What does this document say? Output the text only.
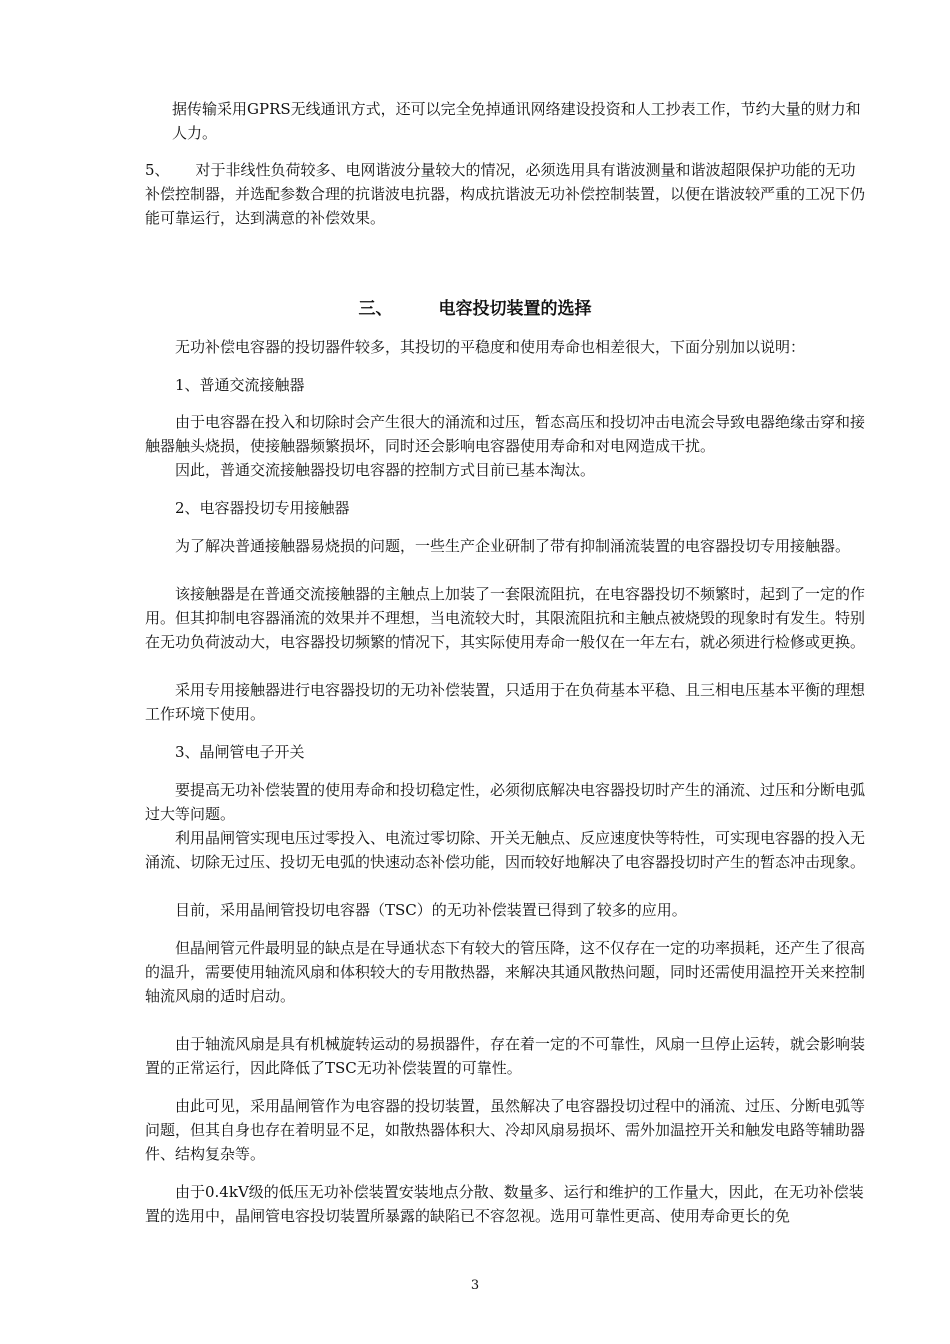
据传输采用GPRS无线通讯方式，还可以完全免掉通讯网络建设投资和人工抄表工作，节约大量的财力和人力。

5、 对于非线性负荷较多、电网谐波分量较大的情况，必须选用具有谐波测量和谐波超限保护功能的无功补偿控制器，并选配参数合理的抗谐波电抗器，构成抗谐波无功补偿控制装置，以便在谐波较严重的工况下仍能可靠运行，达到满意的补偿效果。

三、	电容投切装置的选择

无功补偿电容器的投切器件较多，其投切的平稳度和使用寿命也相差很大，下面分别加以说明：

1、普通交流接触器

由于电容器在投入和切除时会产生很大的涌流和过压，暂态高压和投切冲击电流会导致电器绝缘击穿和接触器触头烧损，使接触器频繁损坏，同时还会影响电容器使用寿命和对电网造成干扰。

因此，普通交流接触器投切电容器的控制方式目前已基本淘汰。

2、电容器投切专用接触器

为了解决普通接触器易烧损的问题，一些生产企业研制了带有抑制涌流装置的电容器投切专用接触器。

该接触器是在普通交流接触器的主触点上加装了一套限流阻抗，在电容器投切不频繁时，起到了一定的作用。但其抑制电容器涌流的效果并不理想，当电流较大时，其限流阻抗和主触点被烧毁的现象时有发生。特别在无功负荷波动大，电容器投切频繁的情况下，其实际使用寿命一般仅在一年左右，就必须进行检修或更换。

采用专用接触器进行电容器投切的无功补偿装置，只适用于在负荷基本平稳、且三相电压基本平衡的理想工作环境下使用。

3、晶闸管电子开关

要提高无功补偿装置的使用寿命和投切稳定性，必须彻底解决电容器投切时产生的涌流、过压和分断电弧过大等问题。

利用晶闸管实现电压过零投入、电流过零切除、开关无触点、反应速度快等特性，可实现电容器的投入无涌流、切除无过压、投切无电弧的快速动态补偿功能，因而较好地解决了电容器投切时产生的暂态冲击现象。

目前，采用晶闸管投切电容器（TSC）的无功补偿装置已得到了较多的应用。

但晶闸管元件最明显的缺点是在导通状态下有较大的管压降，这不仅存在一定的功率损耗，还产生了很高的温升，需要使用轴流风扇和体积较大的专用散热器，来解决其通风散热问题，同时还需使用温控开关来控制轴流风扇的适时启动。

由于轴流风扇是具有机械旋转运动的易损器件，存在着一定的不可靠性，风扇一旦停止运转，就会影响装置的正常运行，因此降低了TSC无功补偿装置的可靠性。

由此可见，采用晶闸管作为电容器的投切装置，虽然解决了电容器投切过程中的涌流、过压、分断电弧等问题，但其自身也存在着明显不足，如散热器体积大、冷却风扇易损坏、需外加温控开关和触发电路等辅助器件、结构复杂等。

由于0.4kV级的低压无功补偿装置安装地点分散、数量多、运行和维护的工作量大，因此，在无功补偿装置的选用中，晶闸管电容投切装置所暴露的缺陷已不容忽视。选用可靠性更高、使用寿命更长的免

3
